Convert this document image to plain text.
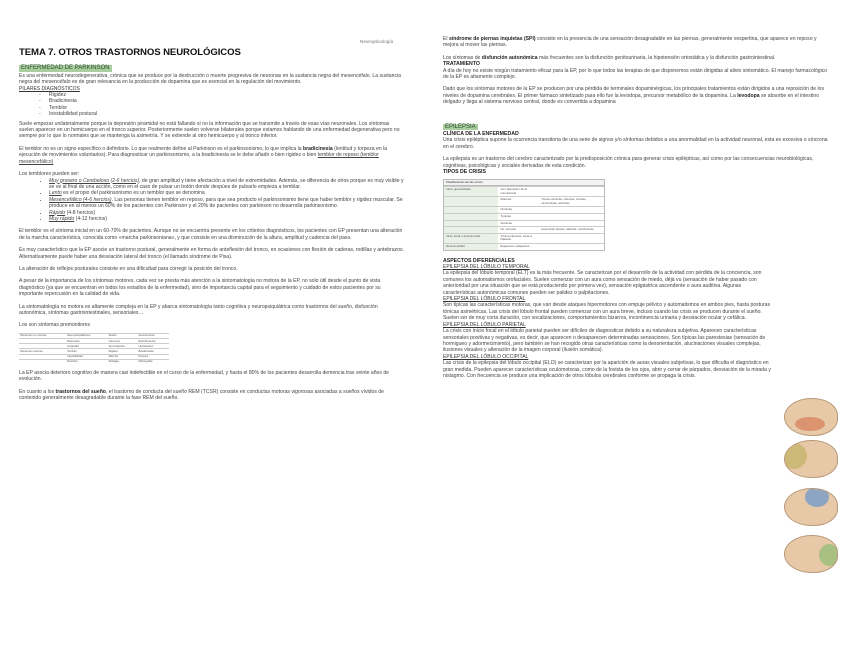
Neuropsicología
TEMA 7. OTROS TRASTORNOS NEUROLÓGICOS
ENFERMEDAD DE PARKINSON

Es una enfermedad neurodegenerativa, crónica que se produce por la destrucción o muerte progresiva de neuronas en la sustancia negra del mesencéfalo. La sustancia negra del mesencéfalo es de gran relevancia en la producción de dopamina que es esencial en la regulación del movimiento.

PILARES DIAGNÓSTICOS
- Rigidez
- Bradicinesia
- Temblor
- Inestabilidad postural

Suele empezar unilateralmente porque la depresión piramidal no está fallando sí no la información que se transmite a través de esas vías neuronales. Los síntomas suelen aparecer en un hemicuerpo en el tronco superior. Posteriormente suelen volverse bilaterales porque estamos hablando de una enfermedad degenerativa pero no siempre por lo que lo normales que se mantenga la asimetría. Y se extiende al otro hemicuerpo y al tronco inferior.

El temblor no es un signo específico o definitorio. Lo que realmente define al Parkinson es el parkinsonismo, lo que implica la bradicinesia (lentitud y torpeza en la ejecución de movimientos voluntarios). Para diagnosticar un parkinsonismo, a la bradicinesia se le debe añadir o bien rigidez o bien temblor de reposo (temblor mesencefálico)

Los temblores pueden ser:
• Muy grosero o Cerebeloso (2-6 hercios), de gran amplitud y tiene afectación a nivel de extremidades. Además, se diferencia de otros porque es muy visible y se ve al final de una acción, como en el caso de pulsar un botón donde despúes de pulsarlo empieza a temblar.
• Lento es el propio del parkinsonismo es un temblor que se denomina
• Mesencefálico (4-6 hercios). Las personas tienen temblor en reposo, para que sea producto el parkinsonismo tiene que haber temblor y rigidez muscular. Se produce en al menos un 60% de los pacientes con Parkinson y el 20% de pacientes con parkinson no desarrolla parkinsonismo.
• Rápido (4-8 hercios)
• Muy rápido (4-12 hercios)

El temblor es el síntoma inicial en un 60-70% de pacientes. Aunque no se encuentra presente en los criterios diagnósticos, los pacientes con EP presentan una alteración de la marcha característica, conocida como «marcha parkinsoniana», y que consiste en una disminución de la altura, amplitud y cadencia del paso.

Es muy característico que la EP asocie un trastorno postural, generalmente en forma de anteflexión del tronco, en ocasiones con flexión de caderas, rodillas y antebrazos. Alternativamente puede haber una desviación lateral del tronco (el llamado síndrome de Pisa).

La alteración de reflejos posturales consiste en una dificultad para corregir la posición del tronco.

A pesar de la importancia de los síntomas motores, cada vez se presta más atención a la sintomatología no motora de la EP, no solo útil desde el punto de vista diagnóstico (ya que se encuentran en todos los estadios de la enfermedad), sino de importancia capital para el seguimiento y cuidado de estos pacientes por su importante repercusión en la calidad de vida.

La sintomatología no motora es altamente compleja en la EP y abarca sintomatología tanto cognitiva y neuropsiquiátrica como trastornos del sueño, disfunción autonómica, síntomas gastrointestinales, sensoriales…

Los son síntomas premonitores
Síntomas no motores	Neuropsiquiátricos	Sueño	Autonómicos
	Depresión	Insomnio	Estreñimiento
	Ansiedad	Somnolencia	Hipotensión
Síntomas motores	Temblor	Rigidez	Bradicinesia
	Inestabilidad	Marcha	Postura
	Disartria	Disfagia	Micrografía

La EP asocia deterioro cognitivo de manera casi indefectible en el curso de la enfermedad, y hasta el 80% de los pacientes desarrolla demencia tras veinte años de evolución.

En cuanto a los trastornos del sueño, el trastorno de conducta del sueño REM (TCSR) consiste en conductas motoras vigorosas asociadas a sueños vívidos de contenido generalmente desagradable durante la fase REM del sueño.

El síndrome de piernas inquietas (SPI) consiste en la presencia de una sensación desagradable en las piernas, generalmente vespertina, que aparece en reposo y mejora al mover las piernas.

Los síntomas de disfunción autonómica más frecuentes son la disfunción genitourinaria, la hipotensión ortostática y la disfunción gastrointestinal.

TRATAMIENTO

A día de hoy no existe ningún tratamiento eficaz para la EP, por lo que todos las terapias de que disponemos están dirigidas al alivio sintomático. El manejo farmacológico de la EP es altamente complejo.

Dado que los síntomas motores de la EP se producen por una pérdida de terminales dopaminérgicas, los principales tratamientos están dirigidos a una reposición de los niveles de dopamina cerebrales. El primer fármaco sintetizado para ello fue la levodopa, precursor metabólico de la dopamina. La levodopa se absorbe en el intestino delgado y llega al sistema nervioso central, donde es convertida a dopamina

EPILEPSIA
CLÍNICA DE LA ENFERMEDAD

Una crisis epiléptica supone la ocurrencia transitoria de una serie de signos y/o síntomas debidos a una anormalidad en la actividad neuronal, esta es excesiva o síncrona en el cerebro.

La epilepsia es un trastorno del cerebro caracterizado por la predisposición crónica para generar crisis epilépticas, así como por las consecuencias neurobiológicas, cognitivas, psicológicas y sociales derivadas de esta condición.

TIPOS DE CRISIS
Clasificación de las crisis
Inicio generalizado	Con alteración de la consciencia	
	Motoras	Tónico-clónicas, clónicas, tónicas, mioclónicas, atónicas
	Clónicas	
	Tónicas	
	Atónicas	
	No motoras	Ausencias típicas, atípicas, mioclónicas
Inicio focal o desconocido	Tónico-clónicas, focal a bilateral	
Desconocidas	Espasmos epilépticos	
ASPECTOS DIFERENCIALES
EPILEPSIA DEL LÓBULO TEMPORAL

La epilepsia del lóbulo temporal (ELT) es la más frecuente. Se caracterizan por el desarrollo de la actividad con pérdida de la conciencia, son comunes los automatismos orofaciales. Suelen comenzar con un aura como sensación de miedo, déjà vu (sensación de haber pasado con anterioridad por una situación que se está produciendo por primera vez), sensación epigástrica ascendente o aura auditiva. Algunas características autonómicas comunes pueden ser palidez o palpitaciones.

EPILEPSIA DEL LÓBULO FRONTAL

Son típicas las características motoras, que van desde ataques hipermotores con empuje pélvico y automatismos en ambos pies, hasta posturas tónicas asimétricas. Las crisis del lóbulo frontal pueden comenzar con un aura breve, incluso cuando las crisis se producen durante el sueño. Suelen ser de muy corta duración, con vocalizaciones, comportamientos bizarros, incontinencia urinaria y desviación ocular y cefálica.

EPILEPSIA DEL LÓBULO PARIETAL

La crisis con inicio focal en el lóbulo parietal pueden ser difíciles de diagnosticar debido a su naturaleza subjetiva. Aparecen características sensoriales positivas y negativas, es decir, que aparecen o desaparecen determinadas sensaciones. Son típicas las parestesias (sensación de hormigueo y adormecimiento), pero también se han recogido otras características como la desorientación, alucinaciones visuales complejas, ilusiones visuales y alteración de la imagen corporal (ilusión somática).

EPILEPSIA DEL LÓBULO OCCIPITAL

Las crisis de la epilepsia del lóbulo occipital (ELO) se caracterizan por la aparición de auras visuales subjetivas, lo que dificulta el diagnóstico en gran medida. Pueden aparecer características oculomotoras, como de la fovista de los ojos, abrir y cerrar de párpados, desviación de la mirada y nistagmo. Con frecuencia se produce una implicación de otros lóbulos cerebrales conforme se propaga la crisis.
